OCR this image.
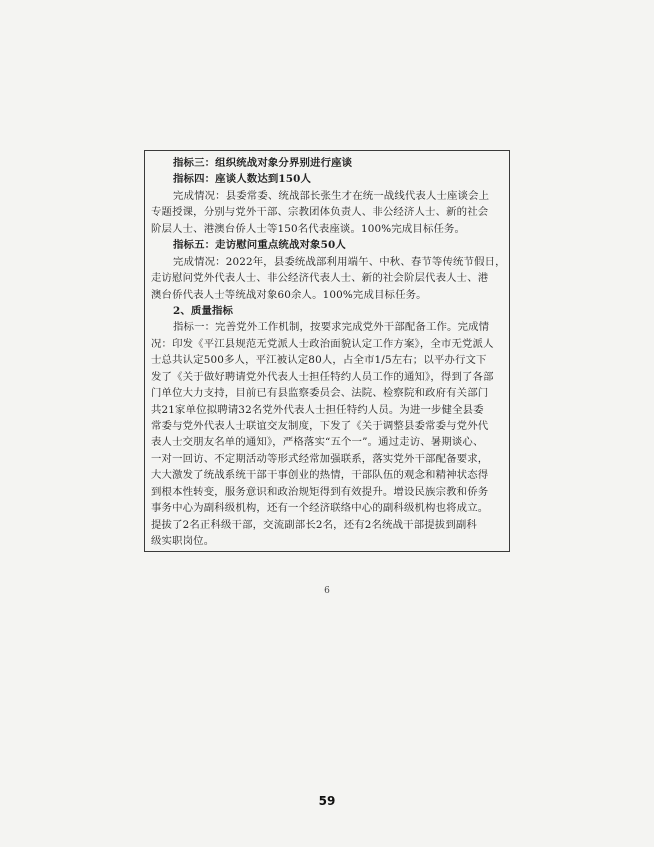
指标三：组织统战对象分界别进行座谈
指标四：座谈人数达到150人
完成情况：县委常委、统战部长张生才在统一战线代表人士座谈会上
专题授课，分别与党外干部、宗教团体负责人、非公经济人士、新的社会
阶层人士、港澳台侨人士等150名代表座谈。100%完成目标任务。
指标五：走访慰问重点统战对象50人
完成情况：2022年，县委统战部利用端午、中秋、春节等传统节假日，
走访慰问党外代表人士、非公经济代表人士、新的社会阶层代表人士、港
澳台侨代表人士等统战对象60余人。100%完成目标任务。
2、质量指标
指标一：完善党外工作机制，按要求完成党外干部配备工作。完成情
况：印发《平江县规范无党派人士政治面貌认定工作方案》，全市无党派人
士总共认定500多人，平江被认定80人，占全市1/5左右；以平办行文下
发了《关于做好聘请党外代表人士担任特约人员工作的通知》，得到了各部
门单位大力支持，目前已有县监察委员会、法院、检察院和政府有关部门
共21家单位拟聘请32名党外代表人士担任特约人员。为进一步健全县委
常委与党外代表人士联谊交友制度，下发了《关于调整县委常委与党外代
表人士交朋友名单的通知》，严格落实“五个一”。通过走访、暑期谈心、
一对一回访、不定期活动等形式经常加强联系，落实党外干部配备要求，
大大激发了统战系统干部干事创业的热情，干部队伍的观念和精神状态得
到根本性转变，服务意识和政治规矩得到有效提升。增设民族宗教和侨务
事务中心为副科级机构，还有一个经济联络中心的副科级机构也将成立。
提拔了2名正科级干部，交流副部长2名，还有2名统战干部提拔到副科
级实职岗位。
6
59
